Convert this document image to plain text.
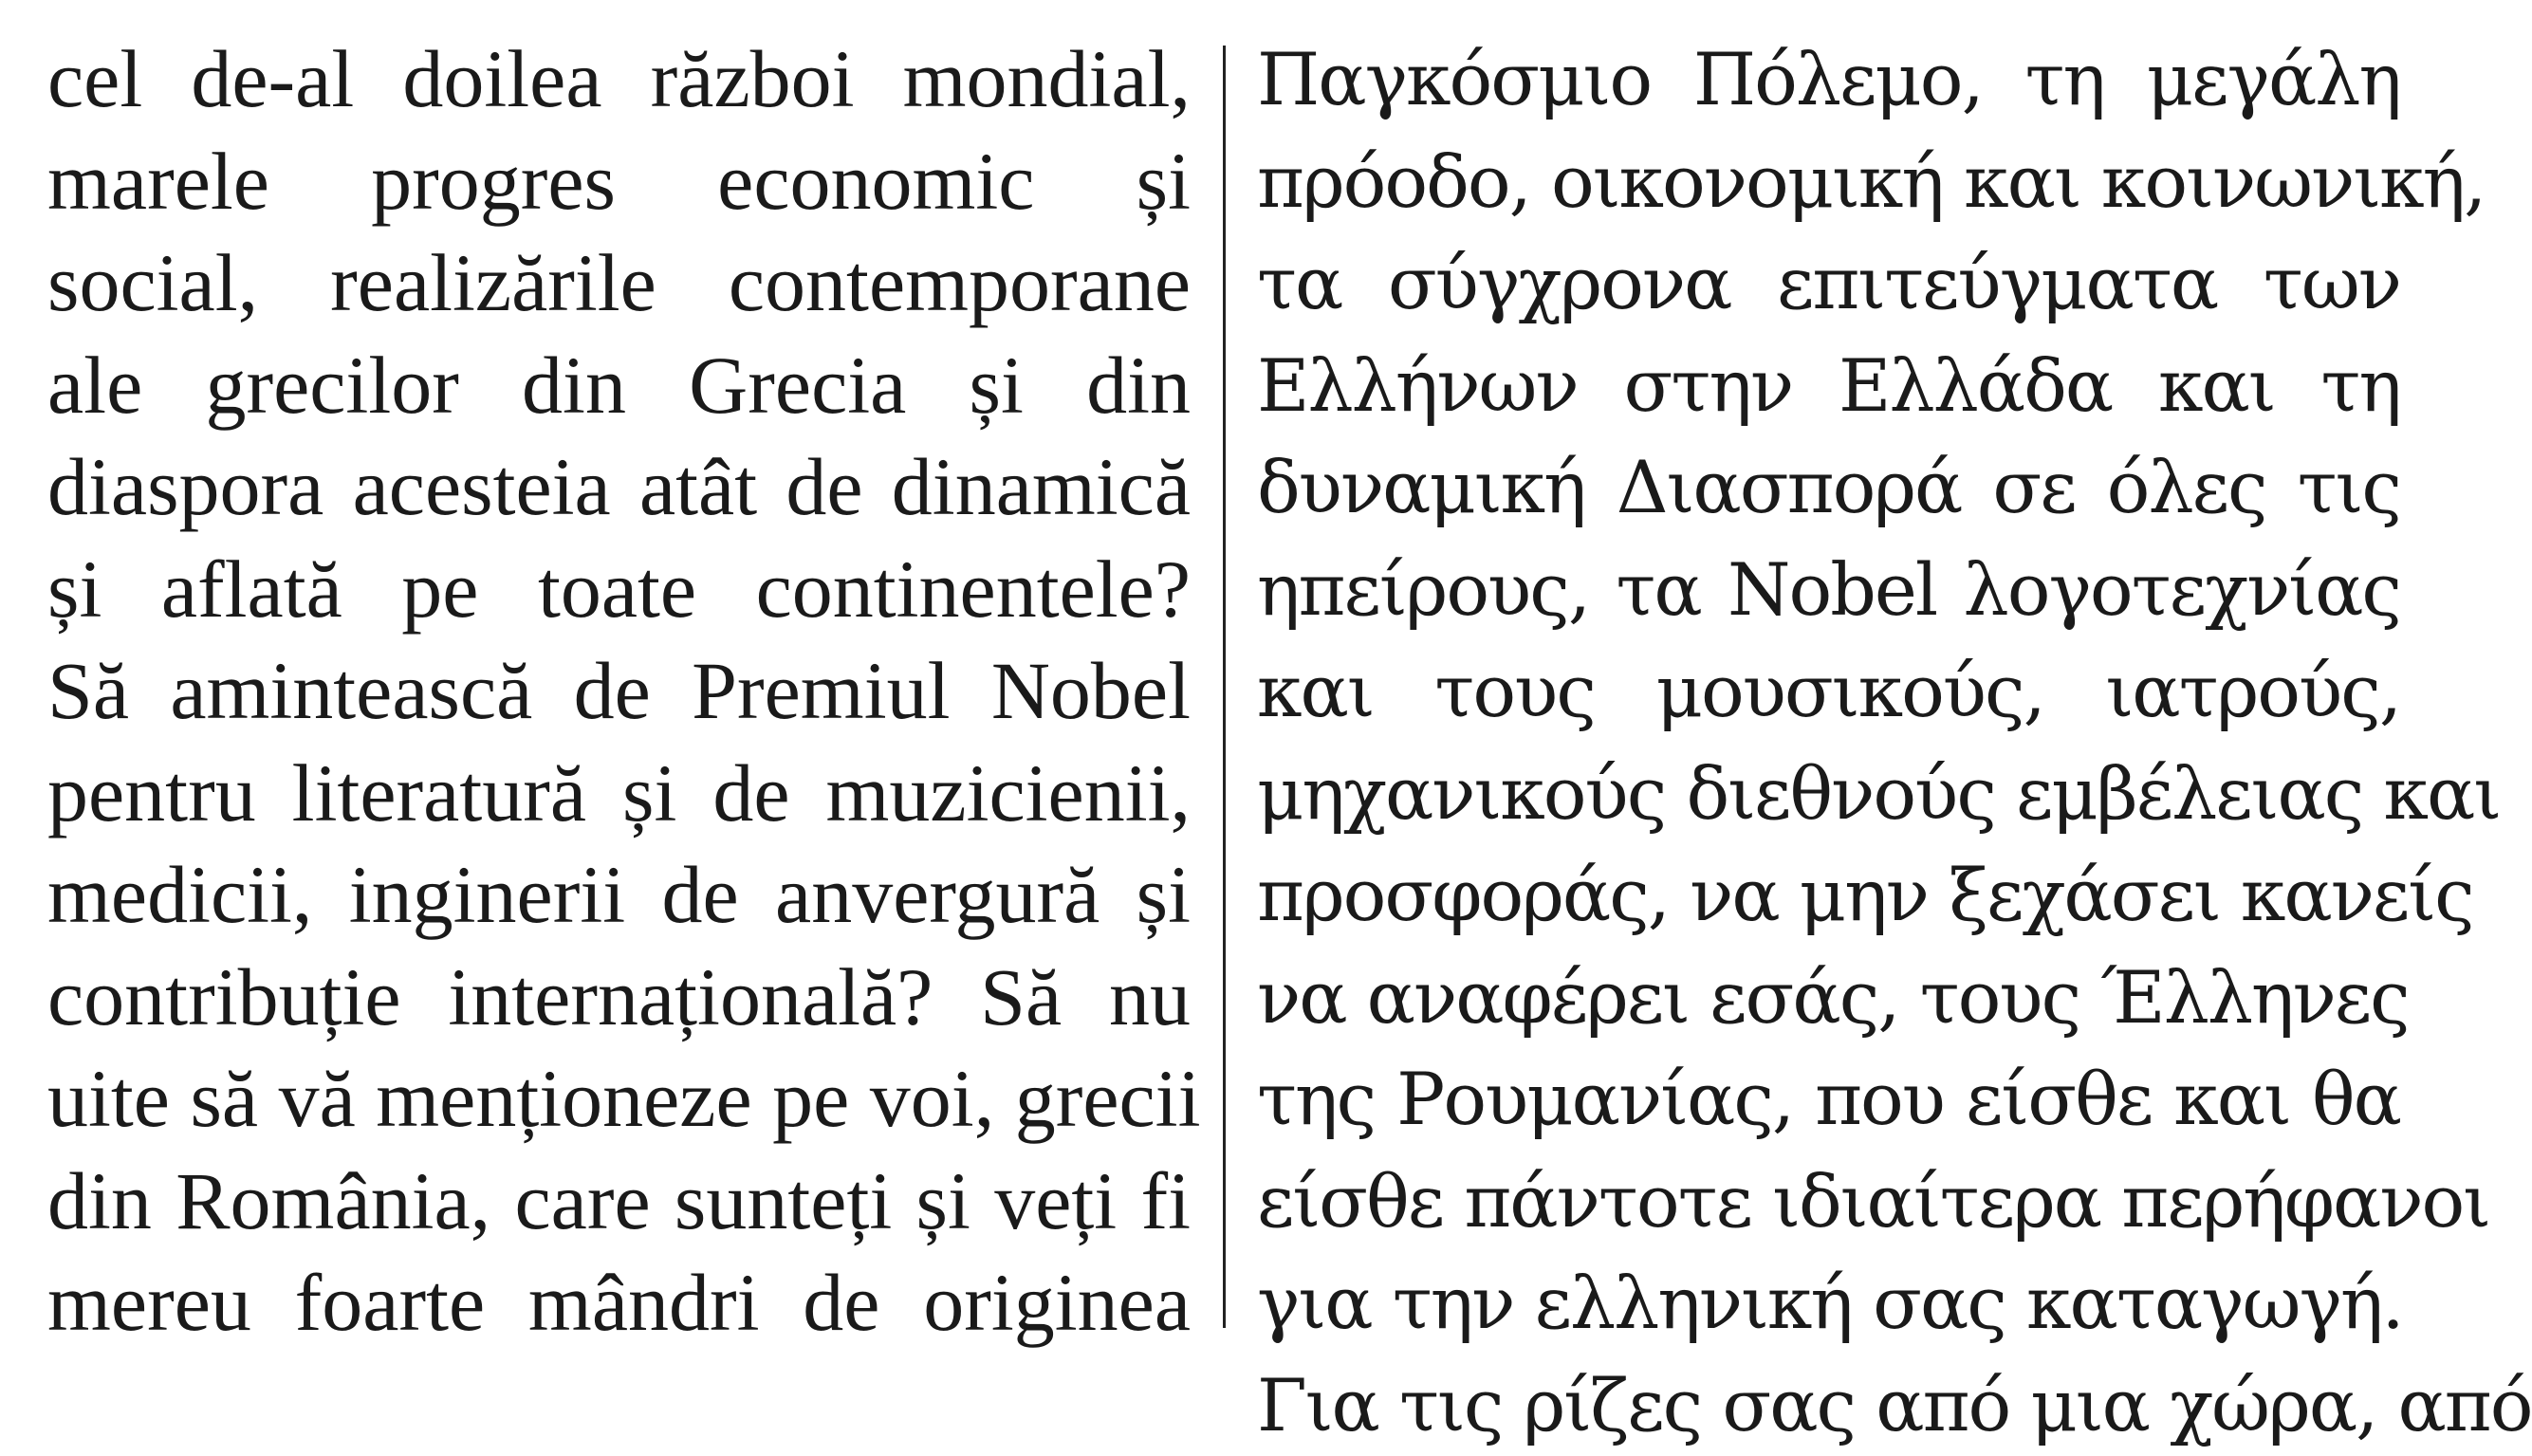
cel de-al doilea război mondial,
marele progres economic și
social, realizările contemporane
ale grecilor din Grecia și din
diaspora acesteia atât de dinamică
și aflată pe toate continentele?
Să amintească de Premiul Nobel
pentru literatură și de muzicienii,
medicii, inginerii de anvergură și
contribuție internațională? Să nu
uite să vă menționeze pe voi, grecii
din România, care sunteți și veți fi
mereu foarte mândri de originea
Παγκόσμιο Πόλεμο, τη μεγάλη
πρόοδο, οικονομική και κοινωνική,
τα σύγχρονα επιτεύγματα των
Ελλήνων στην Ελλάδα και τη
δυναμική Διασπορά σε όλες τις
ηπείρους, τα Nobel λογοτεχνίας
και τους μουσικούς, ιατρούς,
μηχανικούς διεθνούς εμβέλειας και
προσφοράς, να μην ξεχάσει κανείς
να αναφέρει εσάς, τους Έλληνες
της Ρουμανίας, που είσθε και θα
είσθε πάντοτε ιδιαίτερα περήφανοι
για την ελληνική σας καταγωγή.
Για τις ρίζες σας από μια χώρα, από
